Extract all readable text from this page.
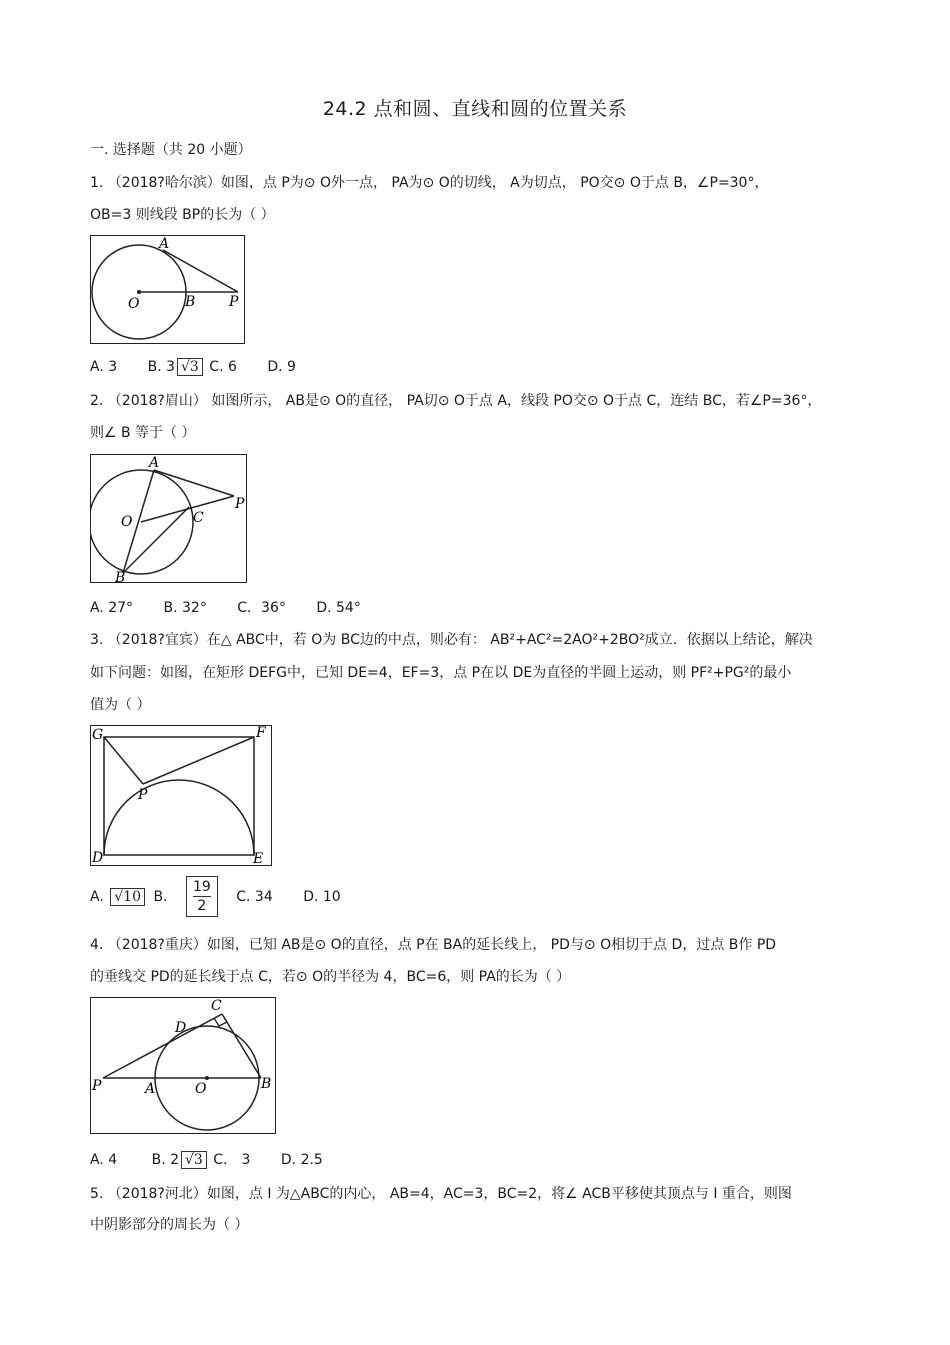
24.2 点和圆、直线和圆的位置关系
一. 选择题（共 20 小题）
1. （2018?哈尔滨）如图，点 P为⊙ O外一点， PA为⊙ O的切线， A为切点， PO交⊙ O于点 B，∠P=30°，
OB=3 则线段 BP的长为（ ）
A
O	B P
A. 3 B. 3 √3 C. 6 D. 9
2. （2018?眉山） 如图所示， AB是⊙ O的直径， PA切⊙ O于点 A，线段 PO交⊙ O于点 C，连结 BC，若∠P=36°，
则∠ B 等于（ ）
A
O	C
B
P
A. 27° B. 32° C．36° D. 54°
3. （2018?宜宾）在△ ABC中，若 O为 BC边的中点，则必有： AB²+AC²=2AO²+2BO²成立．依据以上结论，解决
如下问题：如图，在矩形 DEFG中，已知 DE=4，EF=3，点 P在以 DE为直径的半圆上运动，则 PF²+PG²的最小
值为（ ）
G	F
P
D	E
A. √10 B. $\frac{19}{2} C$. 34 D. 10
4. （2018?重庆）如图，已知 AB是⊙ O的直径，点 P在 BA的延长线上， PD与⊙ O相切于点 D，过点 B作 PD
的垂线交 PD的延长线于点 C，若⊙ O的半径为 4，BC=6，则 PA的长为（ ）
C
D
P	A	O	B
A. 4 B. 2 √3 C． 3 D. 2.5
5. （2018?河北）如图，点 I 为△ABC的内心， AB=4，AC=3，BC=2，将∠ ACB平移使其顶点与 I 重合，则图
中阴影部分的周长为（ ）
